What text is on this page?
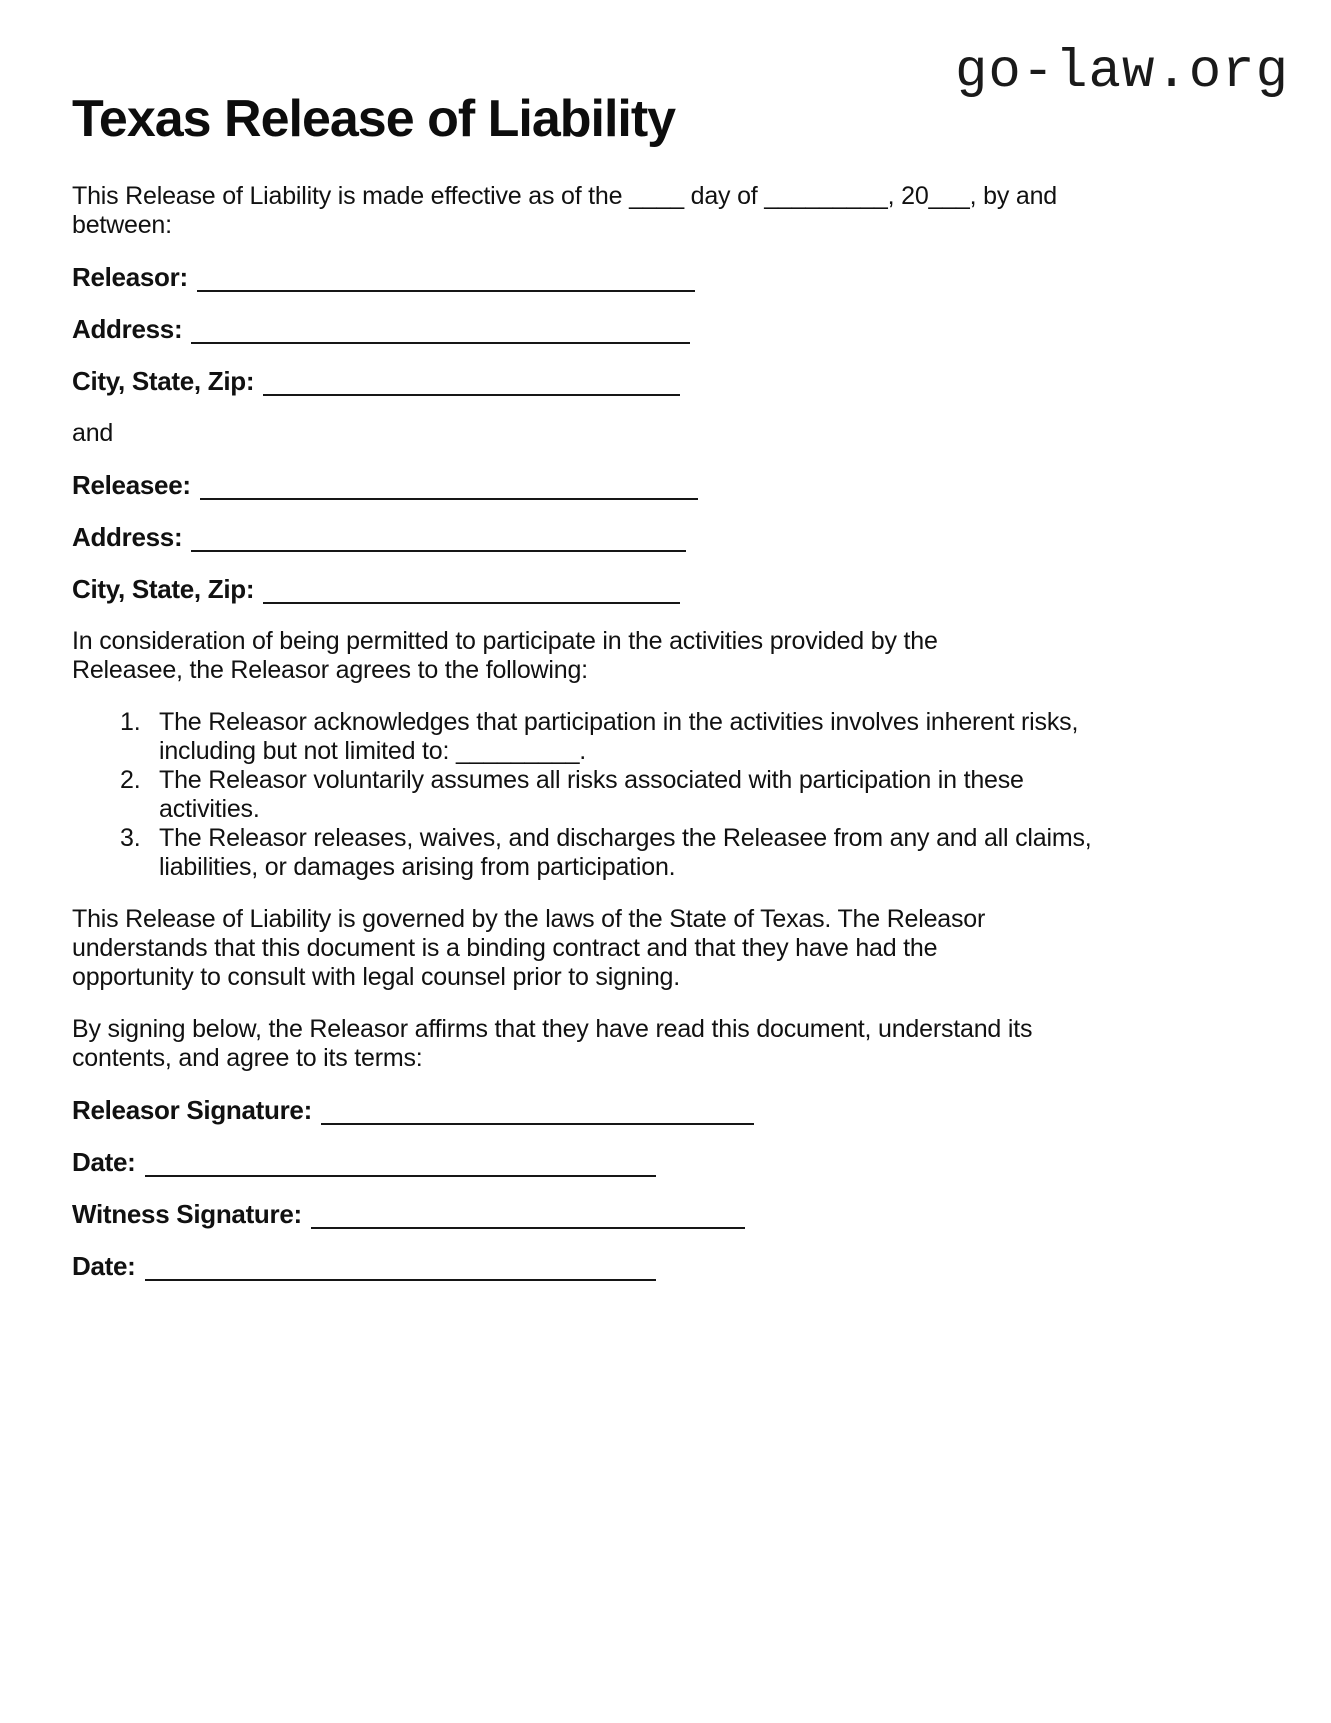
go-law.org
Texas Release of Liability
This Release of Liability is made effective as of the ____ day of _________, 20___, by and
between:
Releasor:
Address:
City, State, Zip:
and
Releasee:
Address:
City, State, Zip:
In consideration of being permitted to participate in the activities provided by the
Releasee, the Releasor agrees to the following:
1. The Releasor acknowledges that participation in the activities involves inherent risks,
including but not limited to: _________.
2. The Releasor voluntarily assumes all risks associated with participation in these
activities.
3. The Releasor releases, waives, and discharges the Releasee from any and all claims,
liabilities, or damages arising from participation.
This Release of Liability is governed by the laws of the State of Texas. The Releasor
understands that this document is a binding contract and that they have had the
opportunity to consult with legal counsel prior to signing.
By signing below, the Releasor affirms that they have read this document, understand its
contents, and agree to its terms:
Releasor Signature:
Date:
Witness Signature:
Date:
